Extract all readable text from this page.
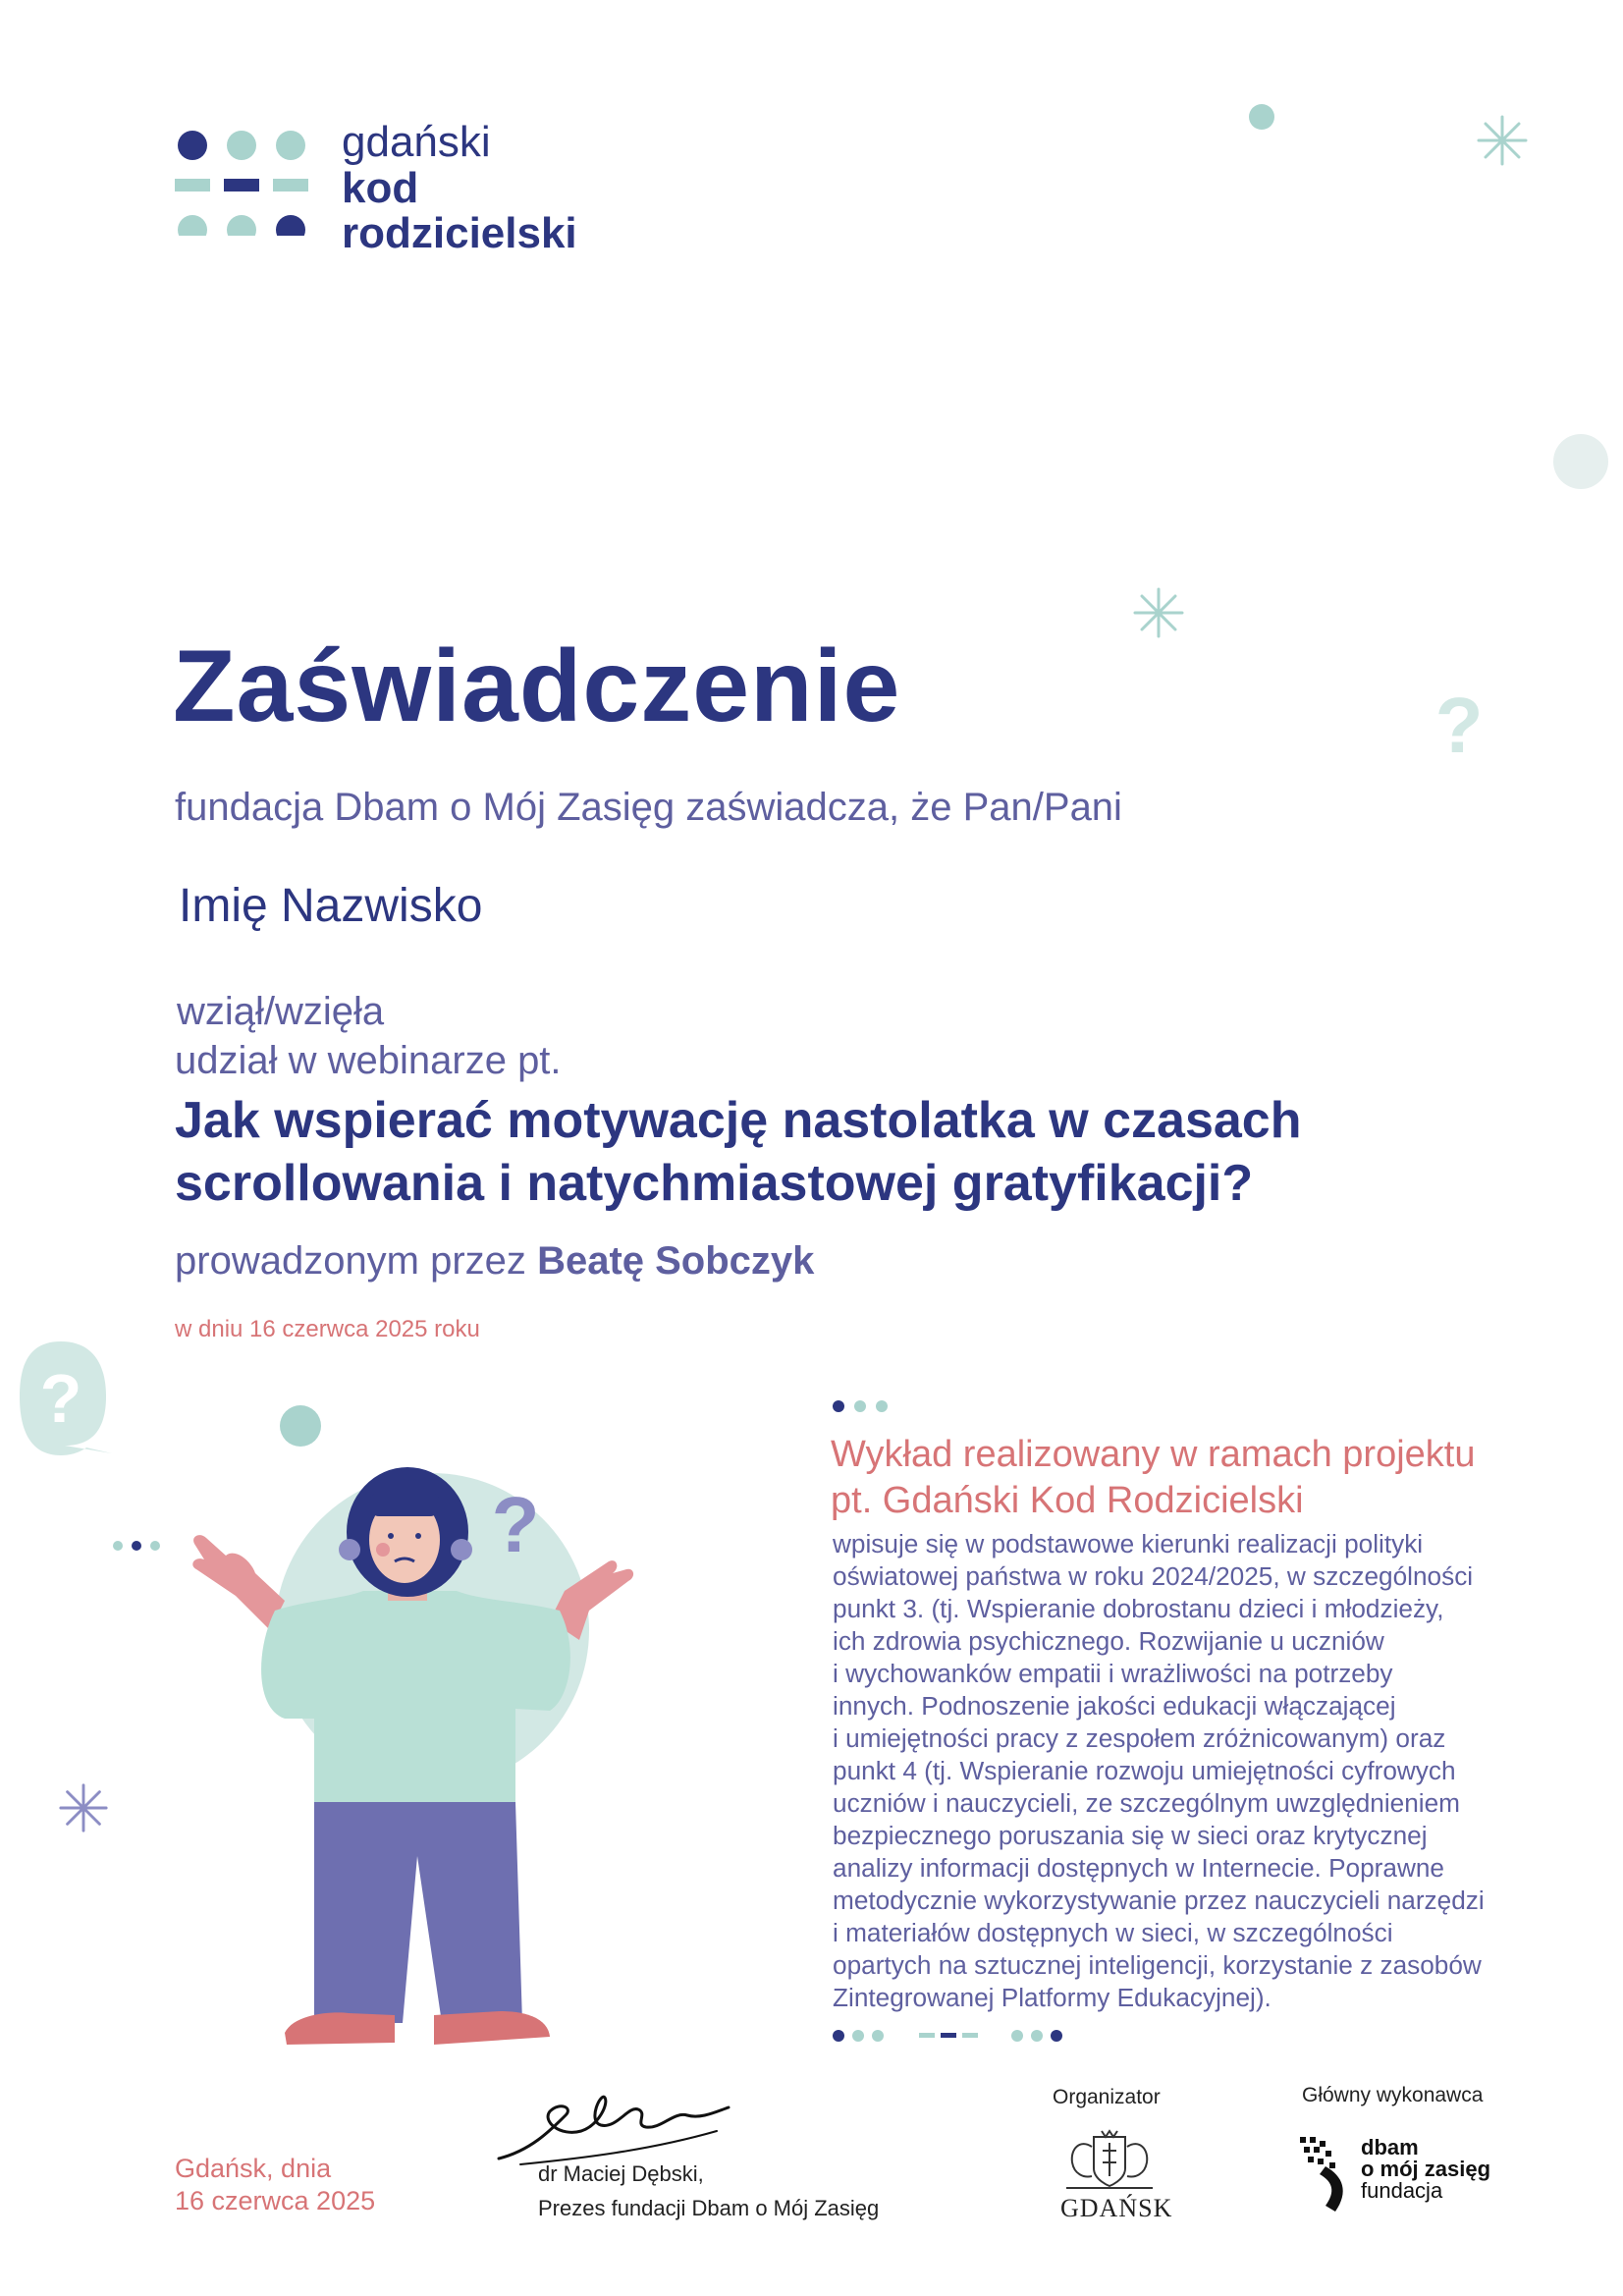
gdański
kod
rodzicielski
?
Zaświadczenie
fundacja Dbam o Mój Zasięg zaświadcza, że Pan/Pani
Imię Nazwisko
wziął/wzięła
udział w webinarze pt.
Jak wspierać motywację nastolatka w czasach
scrollowania i natychmiastowej gratyfikacji?
prowadzonym przez Beatę Sobczyk
w dniu 16 czerwca 2025 roku
?
?
Wykład realizowany w ramach projektu
pt. Gdański Kod Rodzicielski
wpisuje się w podstawowe kierunki realizacji polityki
oświatowej państwa w roku 2024/2025, w szczególności
punkt 3. (tj. Wspieranie dobrostanu dzieci i młodzieży,
ich zdrowia psychicznego. Rozwijanie u uczniów
i wychowanków empatii i wrażliwości na potrzeby
innych. Podnoszenie jakości edukacji włączającej
i umiejętności pracy z zespołem zróżnicowanym) oraz
punkt 4 (tj. Wspieranie rozwoju umiejętności cyfrowych
uczniów i nauczycieli, ze szczególnym uwzględnieniem
bezpiecznego poruszania się w sieci oraz krytycznej
analizy informacji dostępnych w Internecie. Poprawne
metodycznie wykorzystywanie przez nauczycieli narzędzi
i materiałów dostępnych w sieci, w szczególności
opartych na sztucznej inteligencji, korzystanie z zasobów
Zintegrowanej Platformy Edukacyjnej).
Gdańsk, dnia
16 czerwca 2025
dr Maciej Dębski,
Prezes fundacji Dbam o Mój Zasięg
Organizator
GDAŃSK
Główny wykonawca
dbam
o mój zasięg
fundacja
